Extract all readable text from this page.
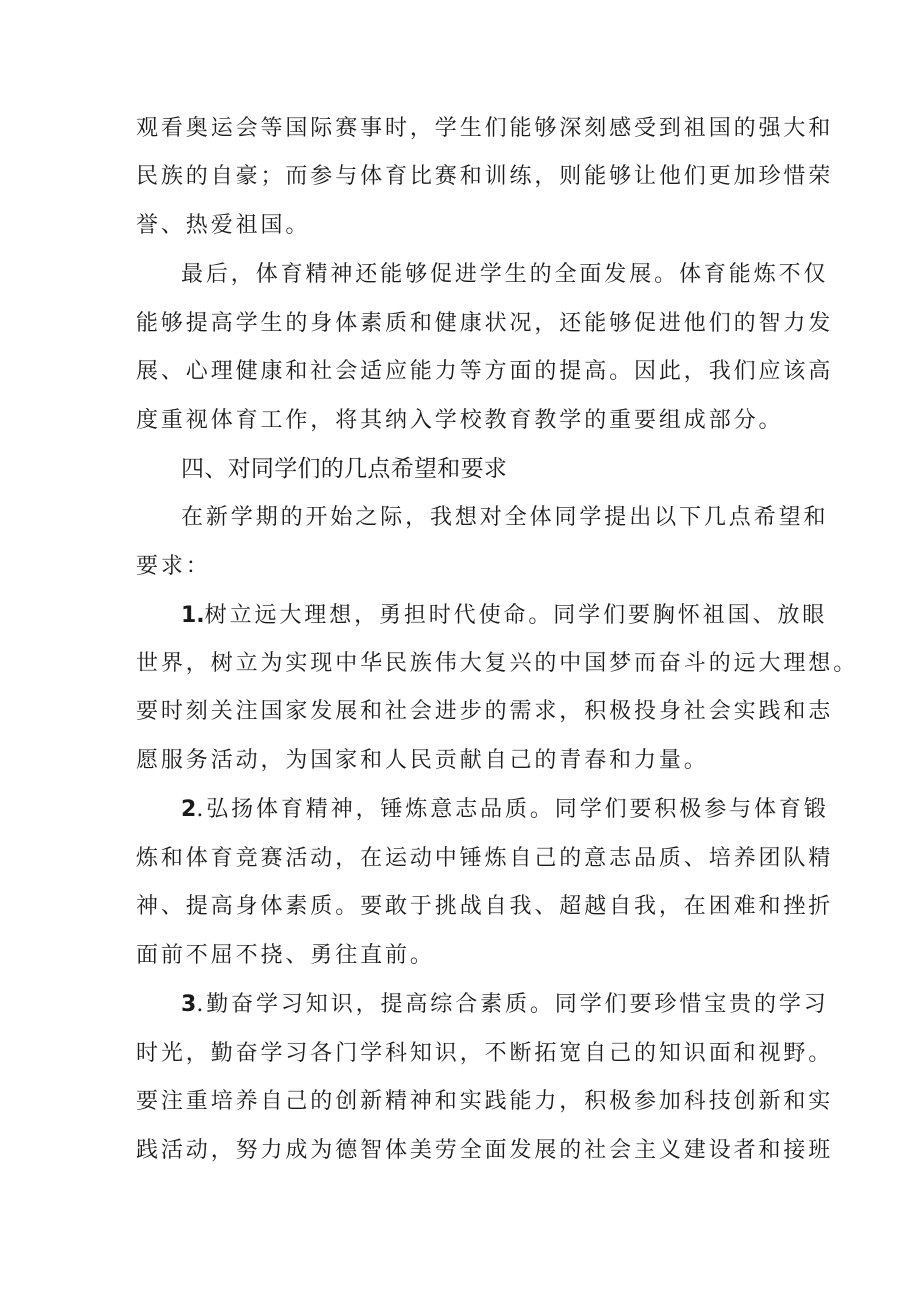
观看奥运会等国际赛事时，学生们能够深刻感受到祖国的强大和
民族的自豪；而参与体育比赛和训练，则能够让他们更加珍惜荣
誉、热爱祖国。
最后，体育精神还能够促进学生的全面发展。体育能炼不仅
能够提高学生的身体素质和健康状况，还能够促进他们的智力发
展、心理健康和社会适应能力等方面的提高。因此，我们应该高
度重视体育工作，将其纳入学校教育教学的重要组成部分。
四、对同学们的几点希望和要求
在新学期的开始之际，我想对全体同学提出以下几点希望和
要求：
1.树立远大理想，勇担时代使命。同学们要胸怀祖国、放眼
世界，树立为实现中华民族伟大复兴的中国梦而奋斗的远大理想。
要时刻关注国家发展和社会进步的需求，积极投身社会实践和志
愿服务活动，为国家和人民贡献自己的青春和力量。
2.弘扬体育精神，锤炼意志品质。同学们要积极参与体育锻
炼和体育竞赛活动，在运动中锤炼自己的意志品质、培养团队精
神、提高身体素质。要敢于挑战自我、超越自我，在困难和挫折
面前不屈不挠、勇往直前。
3.勤奋学习知识，提高综合素质。同学们要珍惜宝贵的学习
时光，勤奋学习各门学科知识，不断拓宽自己的知识面和视野。
要注重培养自己的创新精神和实践能力，积极参加科技创新和实
践活动，努力成为德智体美劳全面发展的社会主义建设者和接班
